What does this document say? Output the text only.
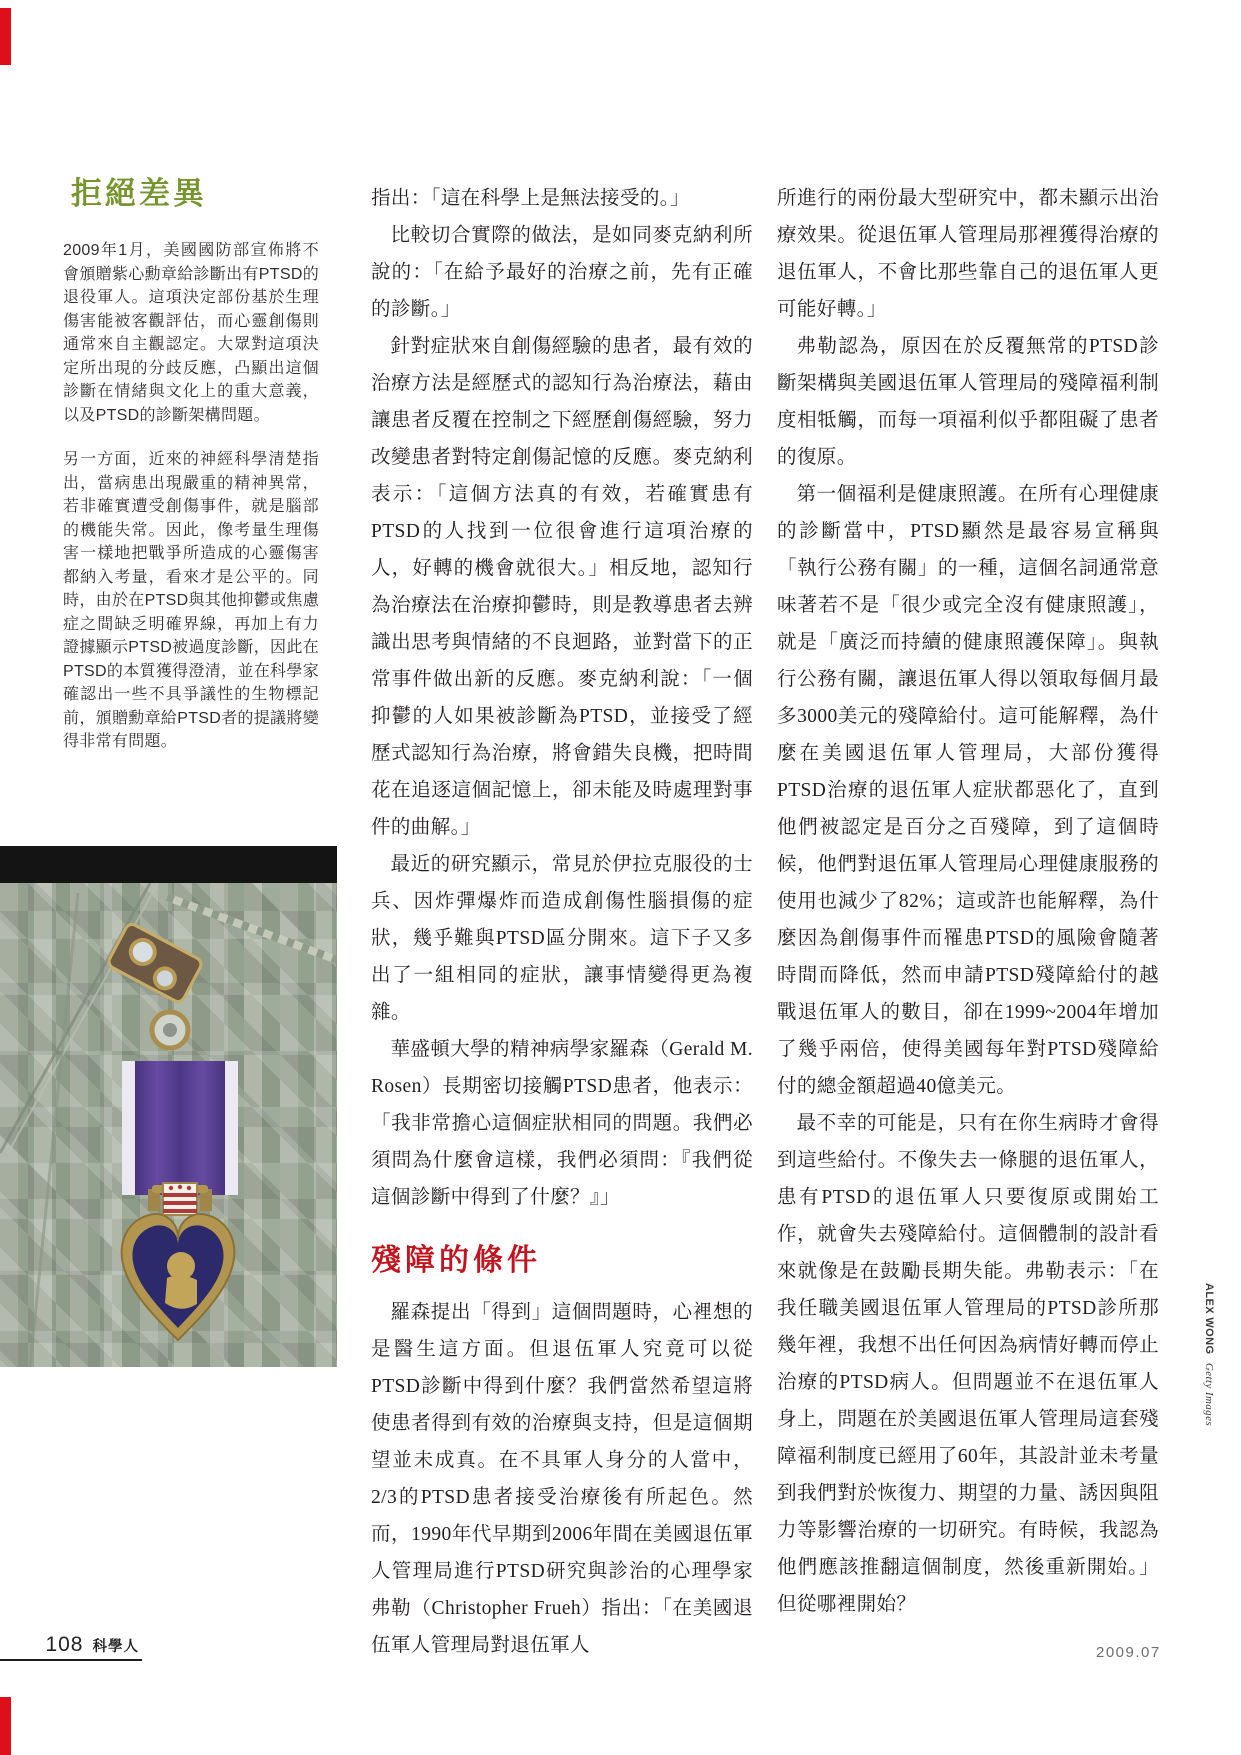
拒絕差異

2009年1月，美國國防部宣佈將不會頒贈紫心勳章給診斷出有PTSD的退役軍人。這項決定部份基於生理傷害能被客觀評估，而心靈創傷則通常來自主觀認定。大眾對這項決定所出現的分歧反應，凸顯出這個診斷在情緒與文化上的重大意義，以及PTSD的診斷架構問題。

另一方面，近來的神經科學清楚指出，當病患出現嚴重的精神異常，若非確實遭受創傷事件，就是腦部的機能失常。因此，像考量生理傷害一樣地把戰爭所造成的心靈傷害都納入考量，看來才是公平的。同時，由於在PTSD與其他抑鬱或焦慮症之間缺乏明確界線，再加上有力證據顯示PTSD被過度診斷，因此在PTSD的本質獲得澄清，並在科學家確認出一些不具爭議性的生物標記前，頒贈勳章給PTSD者的提議將變得非常有問題。

指出：「這在科學上是無法接受的。」

比較切合實際的做法，是如同麥克納利所說的：「在給予最好的治療之前，先有正確的診斷。」

針對症狀來自創傷經驗的患者，最有效的治療方法是經歷式的認知行為治療法，藉由讓患者反覆在控制之下經歷創傷經驗，努力改變患者對特定創傷記憶的反應。麥克納利表示：「這個方法真的有效，若確實患有PTSD的人找到一位很會進行這項治療的人，好轉的機會就很大。」相反地，認知行為治療法在治療抑鬱時，則是教導患者去辨識出思考與情緒的不良迴路，並對當下的正常事件做出新的反應。麥克納利說：「一個抑鬱的人如果被診斷為PTSD，並接受了經歷式認知行為治療，將會錯失良機，把時間花在追逐這個記憶上，卻未能及時處理對事件的曲解。」

最近的研究顯示，常見於伊拉克服役的士兵、因炸彈爆炸而造成創傷性腦損傷的症狀，幾乎難與PTSD區分開來。這下子又多出了一組相同的症狀，讓事情變得更為複雜。

華盛頓大學的精神病學家羅森（Gerald M. Rosen）長期密切接觸PTSD患者，他表示：「我非常擔心這個症狀相同的問題。我們必須問為什麼會這樣，我們必須問：『我們從這個診斷中得到了什麼？』」

殘障的條件

羅森提出「得到」這個問題時，心裡想的是醫生這方面。但退伍軍人究竟可以從PTSD診斷中得到什麼？我們當然希望這將使患者得到有效的治療與支持，但是這個期望並未成真。在不具軍人身分的人當中，2/3的PTSD患者接受治療後有所起色。然而，1990年代早期到2006年間在美國退伍軍人管理局進行PTSD研究與診治的心理學家弗勒（Christopher Frueh）指出：「在美國退伍軍人管理局對退伍軍人

所進行的兩份最大型研究中，都未顯示出治療效果。從退伍軍人管理局那裡獲得治療的退伍軍人，不會比那些靠自己的退伍軍人更可能好轉。」

弗勒認為，原因在於反覆無常的PTSD診斷架構與美國退伍軍人管理局的殘障福利制度相牴觸，而每一項福利似乎都阻礙了患者的復原。

第一個福利是健康照護。在所有心理健康的診斷當中，PTSD顯然是最容易宣稱與「執行公務有關」的一種，這個名詞通常意味著若不是「很少或完全沒有健康照護」，就是「廣泛而持續的健康照護保障」。與執行公務有關，讓退伍軍人得以領取每個月最多3000美元的殘障給付。這可能解釋，為什麼在美國退伍軍人管理局，大部份獲得PTSD治療的退伍軍人症狀都惡化了，直到他們被認定是百分之百殘障，到了這個時候，他們對退伍軍人管理局心理健康服務的使用也減少了82%；這或許也能解釋，為什麼因為創傷事件而罹患PTSD的風險會隨著時間而降低，然而申請PTSD殘障給付的越戰退伍軍人的數目，卻在1999~2004年增加了幾乎兩倍，使得美國每年對PTSD殘障給付的總金額超過40億美元。

最不幸的可能是，只有在你生病時才會得到這些給付。不像失去一條腿的退伍軍人，患有PTSD的退伍軍人只要復原或開始工作，就會失去殘障給付。這個體制的設計看來就像是在鼓勵長期失能。弗勒表示：「在我任職美國退伍軍人管理局的PTSD診所那幾年裡，我想不出任何因為病情好轉而停止治療的PTSD病人。但問題並不在退伍軍人身上，問題在於美國退伍軍人管理局這套殘障福利制度已經用了60年，其設計並未考量到我們對於恢復力、期望的力量、誘因與阻力等影響治療的一切研究。有時候，我認為他們應該推翻這個制度，然後重新開始。」但從哪裡開始？

ALEX WONG Getty Images
108 科學人	2009.07
